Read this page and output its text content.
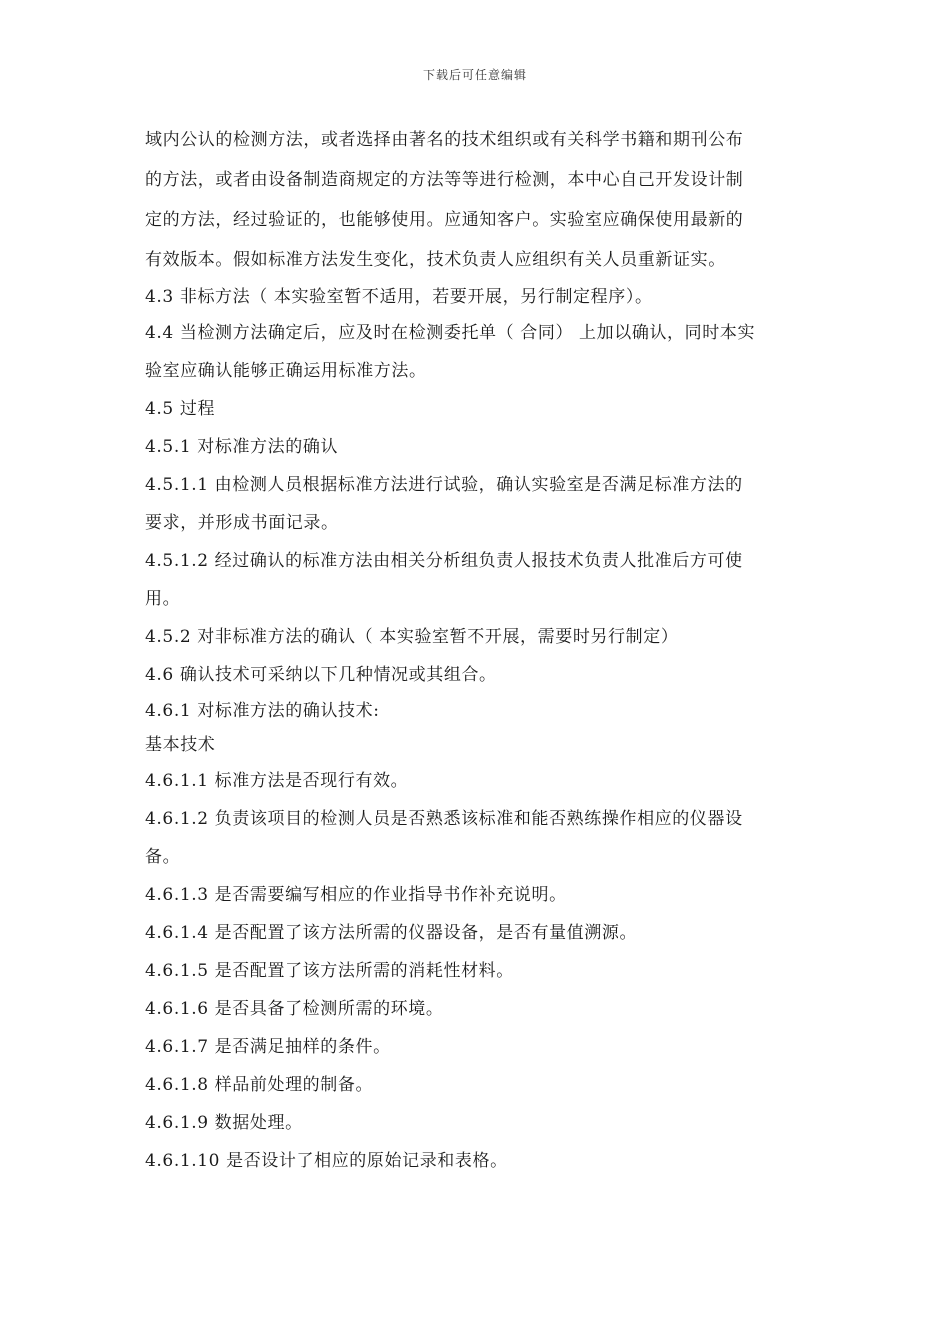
下载后可任意编辑
域内公认的检测方法，或者选择由著名的技术组织或有关科学书籍和期刊公布
的方法，或者由设备制造商规定的方法等等进行检测，本中心自己开发设计制
定的方法，经过验证的，也能够使用。应通知客户。实验室应确保使用最新的
有效版本。假如标准方法发生变化，技术负责人应组织有关人员重新证实。
4.3 非标方法（ 本实验室暂不适用，若要开展，另行制定程序）。
4.4 当检测方法确定后，应及时在检测委托单（ 合同） 上加以确认，同时本实
验室应确认能够正确运用标准方法。
4.5 过程
4.5.1 对标准方法的确认
4.5.1.1 由检测人员根据标准方法进行试验，确认实验室是否满足标准方法的
要求，并形成书面记录。
4.5.1.2 经过确认的标准方法由相关分析组负责人报技术负责人批准后方可使
用。
4.5.2 对非标准方法的确认（ 本实验室暂不开展，需要时另行制定）
4.6 确认技术可采纳以下几种情况或其组合。
4.6.1 对标准方法的确认技术:
基本技术
4.6.1.1 标准方法是否现行有效。
4.6.1.2 负责该项目的检测人员是否熟悉该标准和能否熟练操作相应的仪器设
备。
4.6.1.3 是否需要编写相应的作业指导书作补充说明。
4.6.1.4 是否配置了该方法所需的仪器设备，是否有量值溯源。
4.6.1.5 是否配置了该方法所需的消耗性材料。
4.6.1.6 是否具备了检测所需的环境。
4.6.1.7 是否满足抽样的条件。
4.6.1.8 样品前处理的制备。
4.6.1.9 数据处理。
4.6.1.10 是否设计了相应的原始记录和表格。
